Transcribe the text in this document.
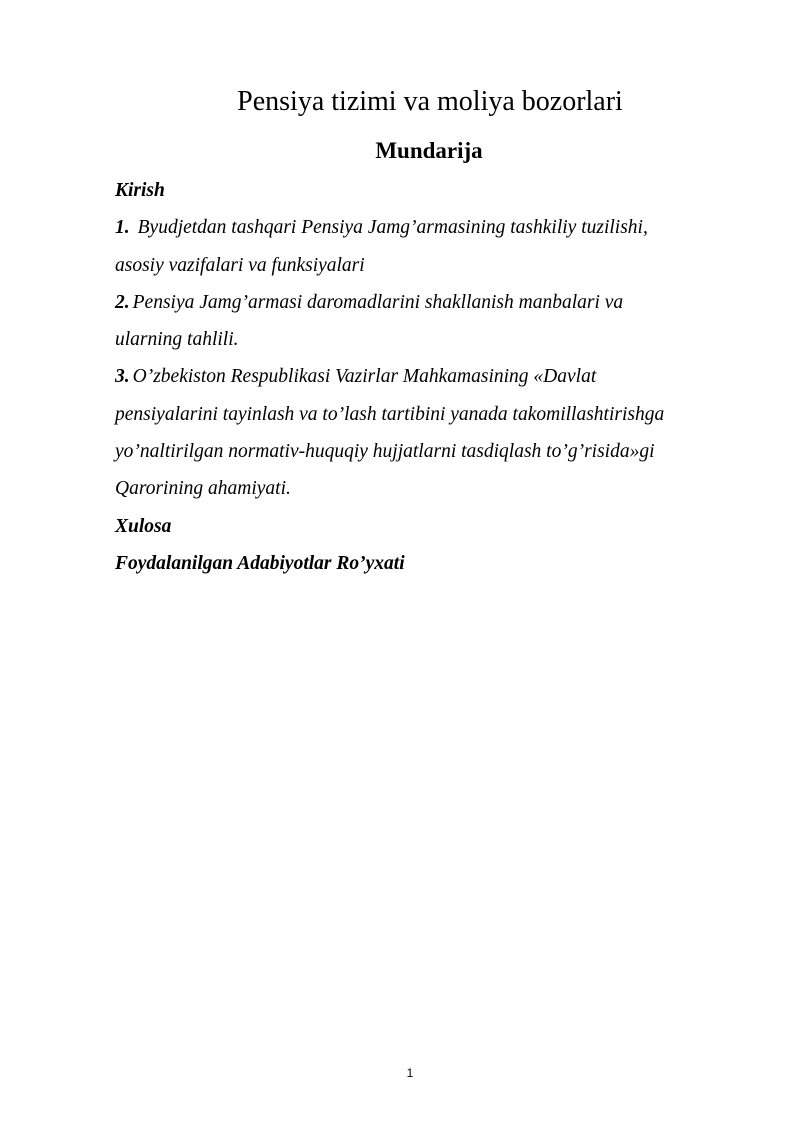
Pensiya tizimi va moliya bozorlari
Mundarija
Kirish
1. Byudjetdan tashqari Pensiya Jamg’armasining tashkiliy tuzilishi,
asosiy vazifalari va funksiyalari
2. Pensiya Jamg’armasi daromadlarini shakllanish manbalari va
ularning tahlili.
3. O’zbekiston Respublikasi Vazirlar Mahkamasining «Davlat
pensiyalarini tayinlash va to’lash tartibini yanada takomillashtirishga
yo’naltirilgan normativ-huquqiy hujjatlarni tasdiqlash to’g’risida»gi
Qarorining ahamiyati.
Xulosa
Foydalanilgan Adabiyotlar Ro’yxati
1
